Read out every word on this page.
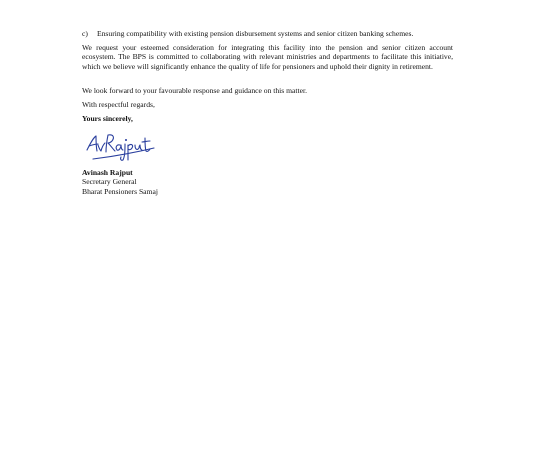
c) Ensuring compatibility with existing pension disbursement systems and senior citizen banking schemes.

We request your esteemed consideration for integrating this facility into the pension and senior citizen account ecosystem. The BPS is committed to collaborating with relevant ministries and departments to facilitate this initiative, which we believe will significantly enhance the quality of life for pensioners and uphold their dignity in retirement.

We look forward to your favourable response and guidance on this matter.

With respectful regards,

Yours sincerely,

Avinash Rajput
Secretary General
Bharat Pensioners Samaj
